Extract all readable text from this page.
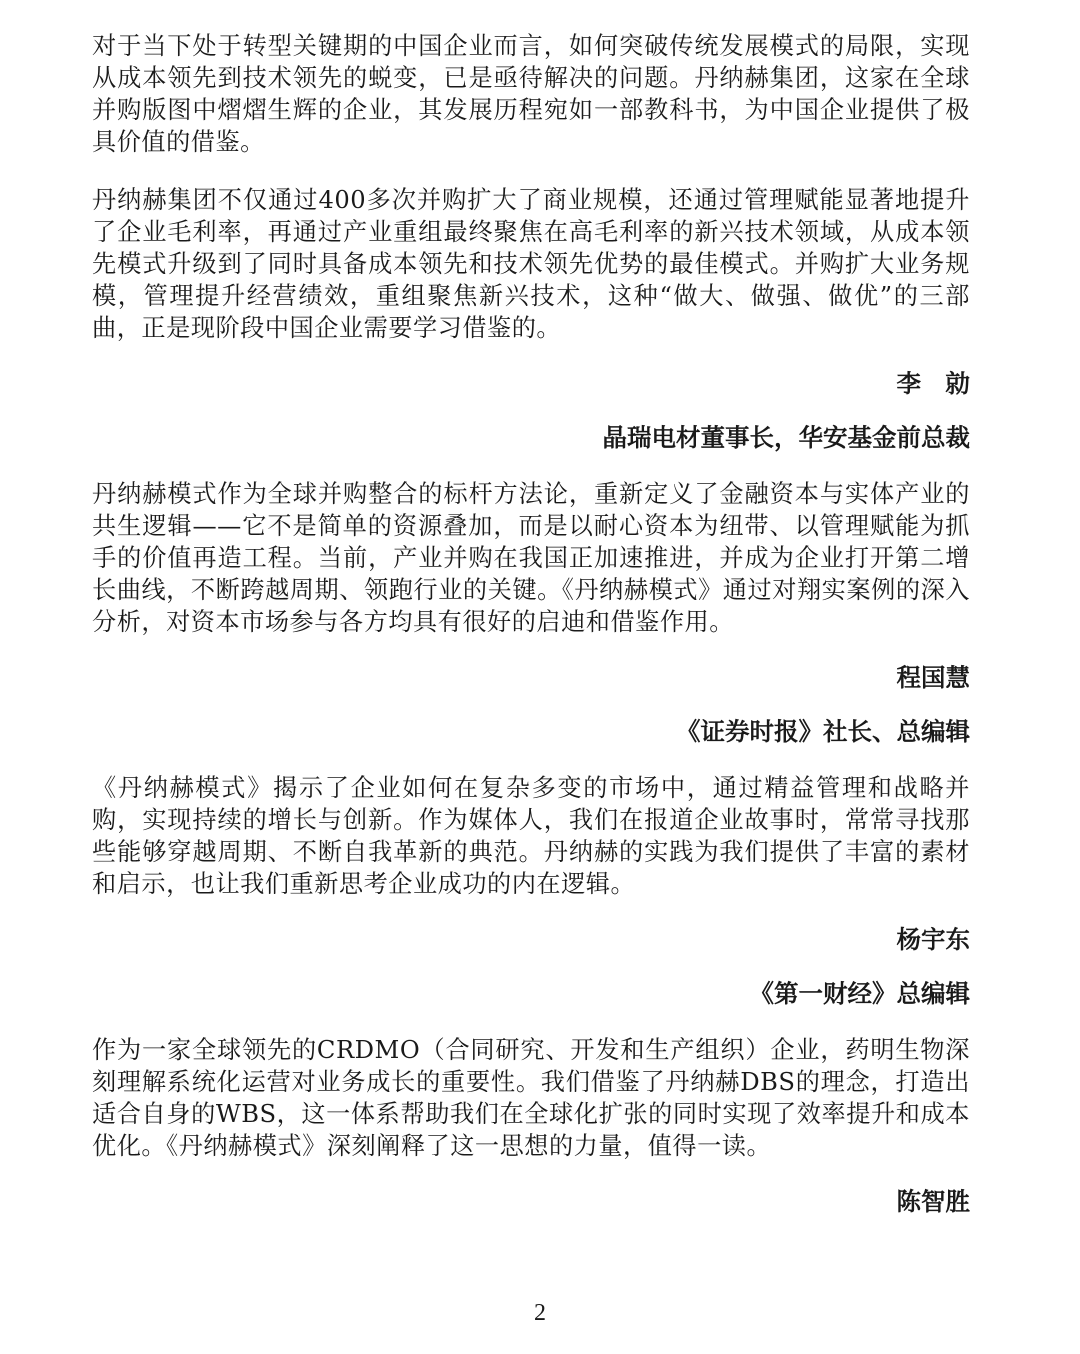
对于当下处于转型关键期的中国企业而言，如何突破传统发展模式的局限，实现从成本领先到技术领先的蜕变，已是亟待解决的问题。丹纳赫集团，这家在全球并购版图中熠熠生辉的企业，其发展历程宛如一部教科书，为中国企业提供了极具价值的借鉴。

丹纳赫集团不仅通过400多次并购扩大了商业规模，还通过管理赋能显著地提升了企业毛利率，再通过产业重组最终聚焦在高毛利率的新兴技术领域，从成本领先模式升级到了同时具备成本领先和技术领先优势的最佳模式。并购扩大业务规模，管理提升经营绩效，重组聚焦新兴技术，这种“做大、做强、做优”的三部曲，正是现阶段中国企业需要学习借鉴的。

李　勍

晶瑞电材董事长，华安基金前总裁

丹纳赫模式作为全球并购整合的标杆方法论，重新定义了金融资本与实体产业的共生逻辑——它不是简单的资源叠加，而是以耐心资本为纽带、以管理赋能为抓手的价值再造工程。当前，产业并购在我国正加速推进，并成为企业打开第二增长曲线，不断跨越周期、领跑行业的关键。《丹纳赫模式》通过对翔实案例的深入分析，对资本市场参与各方均具有很好的启迪和借鉴作用。

程国慧

《证券时报》社长、总编辑

《丹纳赫模式》揭示了企业如何在复杂多变的市场中，通过精益管理和战略并购，实现持续的增长与创新。作为媒体人，我们在报道企业故事时，常常寻找那些能够穿越周期、不断自我革新的典范。丹纳赫的实践为我们提供了丰富的素材和启示，也让我们重新思考企业成功的内在逻辑。

杨宇东

《第一财经》总编辑

作为一家全球领先的CRDMO（合同研究、开发和生产组织）企业，药明生物深刻理解系统化运营对业务成长的重要性。我们借鉴了丹纳赫DBS的理念，打造出适合自身的WBS，这一体系帮助我们在全球化扩张的同时实现了效率提升和成本优化。《丹纳赫模式》深刻阐释了这一思想的力量，值得一读。

陈智胜

2
